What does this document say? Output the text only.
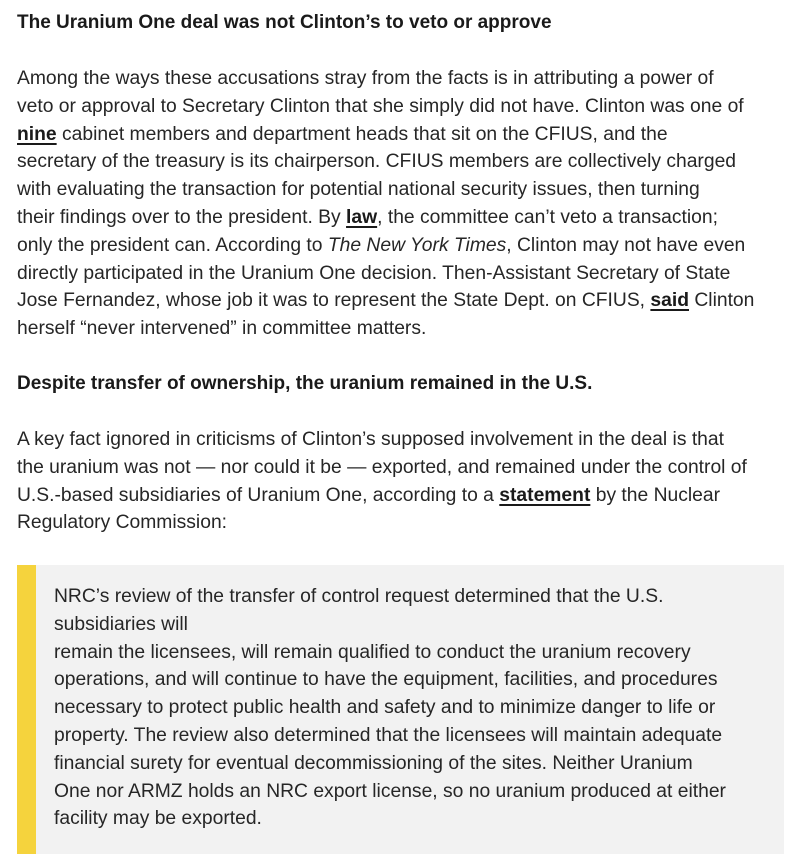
The Uranium One deal was not Clinton’s to veto or approve

Among the ways these accusations stray from the facts is in attributing a power of
veto or approval to Secretary Clinton that she simply did not have. Clinton was one of
nine cabinet members and department heads that sit on the CFIUS, and the
secretary of the treasury is its chairperson. CFIUS members are collectively charged
with evaluating the transaction for potential national security issues, then turning
their findings over to the president. By law, the committee can’t veto a transaction;
only the president can. According to The New York Times, Clinton may not have even
directly participated in the Uranium One decision. Then-Assistant Secretary of State
Jose Fernandez, whose job it was to represent the State Dept. on CFIUS, said Clinton
herself “never intervened” in committee matters.

Despite transfer of ownership, the uranium remained in the U.S.

A key fact ignored in criticisms of Clinton’s supposed involvement in the deal is that
the uranium was not — nor could it be — exported, and remained under the control of
U.S.-based subsidiaries of Uranium One, according to a statement by the Nuclear
Regulatory Commission:

NRC’s review of the transfer of control request determined that the U.S.
subsidiaries will
remain the licensees, will remain qualified to conduct the uranium recovery
operations, and will continue to have the equipment, facilities, and procedures
necessary to protect public health and safety and to minimize danger to life or
property. The review also determined that the licensees will maintain adequate
financial surety for eventual decommissioning of the sites. Neither Uranium
One nor ARMZ holds an NRC export license, so no uranium produced at either
facility may be exported.
